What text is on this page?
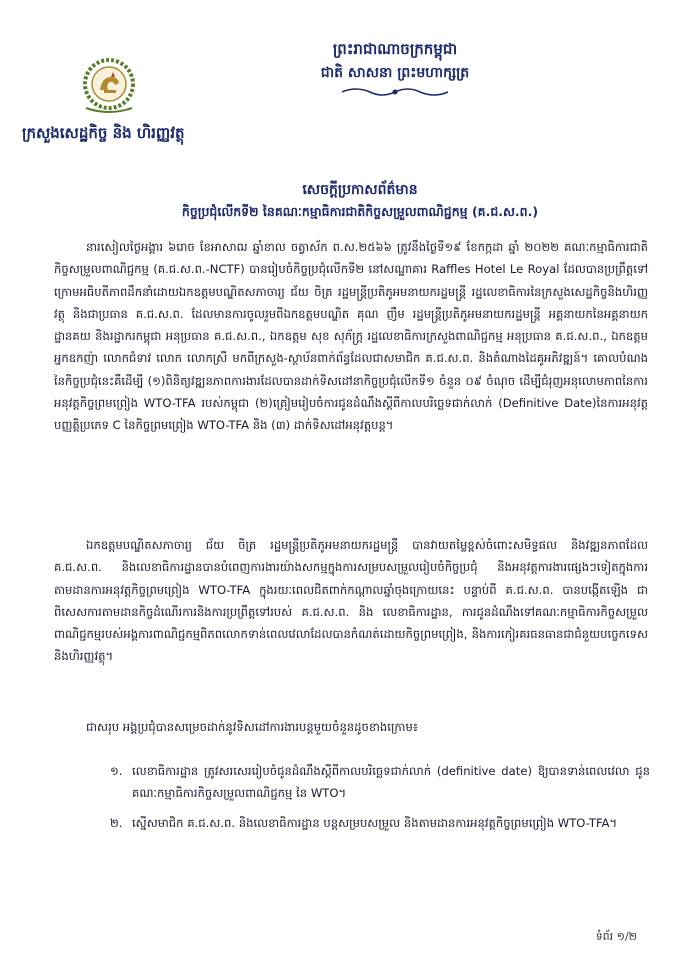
ក្រសួងសេដ្ឋកិច្ច និង ហិរញ្ញវត្ថុ
ព្រះរាជាណាចក្រកម្ពុជា
ជាតិ សាសនា ព្រះមហាក្សត្រ
សេចក្ដីប្រកាសព័ត៌មាន
កិច្ចប្រជុំលើកទី២ នៃគណៈកម្មាធិការជាតិកិច្ចសម្រួលពាណិជ្ជកម្ម (គ.ជ.ស.ព.)
នារសៀលថ្ងៃអង្គារ ៦រោច ខែអាសាឍ ឆ្នាំខាល ចត្វាស័ក ព.ស.២៥៦៦ ត្រូវនឹងថ្ងៃទី១៩ ខែកក្កដា ឆ្នាំ ២០២២ គណៈកម្មាធិការជាតិកិច្ចសម្រួលពាណិជ្ជកម្ម (គ.ជ.ស.ព.-NCTF) បានរៀបចំកិច្ចប្រជុំលើកទី២ នៅសណ្ឋាគារ Raffles Hotel Le Royal ដែលបានប្រព្រឹត្តទៅក្រោមអធិបតីភាពដឹកនាំដោយឯកឧត្តមបណ្ឌិតសភាចារ្យ ជ័យ ចិត្រ រដ្ឋមន្ត្រីប្រតិភូអមនាយករដ្ឋមន្ត្រី រដ្ឋលេខាធិការនៃក្រសួងសេដ្ឋកិច្ចនិងហិរញ្ញវត្ថុ និងជាប្រធាន គ.ជ.ស.ព. ដែលមានការចូលរួមពីឯកឧត្តមបណ្ឌិត គុណ ញឹម រដ្ឋមន្ត្រីប្រតិភូអមនាយករដ្ឋមន្ត្រី អគ្គនាយកនៃអគ្គនាយកដ្ឋានគយ និងរដ្ឋាករកម្ពុជា អនុប្រធាន គ.ជ.ស.ព., ឯកឧត្តម សុខ សុភ័ក្ត្រ រដ្ឋលេខាធិការក្រសួងពាណិជ្ជកម្ម អនុប្រធាន គ.ជ.ស.ព., ឯកឧត្តម អ្នកឧកញ៉ា លោកជំទាវ លោក លោកស្រី មកពីក្រសួង-ស្ថាប័នពាក់ព័ន្ធដែលជាសមាជិក គ.ជ.ស.ព. និងតំណាងដៃគូអភិវឌ្ឍន៍។ គោលបំណងនៃកិច្ចប្រជុំនេះគឺដើម្បី (១)ពិនិត្យវឌ្ឍនភាពការងារដែលបានដាក់ទិសដៅនាកិច្ចប្រជុំលើកទី១ ចំនួន ០៩ ចំណុច ដើម្បីជំរុញអនុលោមភាពនៃការអនុវត្តកិច្ចព្រមព្រៀង WTO-TFA របស់កម្ពុជា (២)ត្រៀមរៀបចំការជូនដំណឹងស្ដីពីកាលបរិច្ឆេទជាក់លាក់ (Definitive Date)នៃការអនុវត្តបញ្ញត្តិប្រភេទ C នៃកិច្ចព្រមព្រៀង WTO-TFA និង (៣) ដាក់ទិសដៅអនុវត្តបន្ត។
ឯកឧត្តមបណ្ឌិតសភាចារ្យ ជ័យ ចិត្រ រដ្ឋមន្ត្រីប្រតិភូអមនាយករដ្ឋមន្ត្រី បានវាយតម្លៃខ្ពស់ចំពោះសមិទ្ធផល និងវឌ្ឍនភាពដែល គ.ជ.ស.ព. និងលេខាធិការដ្ឋានបានបំពេញការងារយ៉ាងសកម្មក្នុងការសម្របសម្រួលរៀបចំកិច្ចប្រជុំ និងអនុវត្តការងារផ្សេងៗទៀតក្នុងការតាមដានការអនុវត្តកិច្ចព្រមព្រៀង WTO-TFA ក្នុងរយៈពេលជិតពាក់កណ្ដាលឆ្នាំចុងក្រោយនេះ បន្ទាប់ពី គ.ជ.ស.ព. បានបង្កើតឡើង ជាពិសេសការតាមដានកិច្ចដំណើរការនិងការប្រព្រឹត្តទៅរបស់ គ.ជ.ស.ព. និង លេខាធិការដ្ឋាន, ការជូនដំណឹងទៅគណៈកម្មាធិការកិច្ចសម្រួលពាណិជ្ជកម្មរបស់អង្គការពាណិជ្ជកម្មពិភពលោកទាន់ពេលវេលាដែលបានកំណត់ដោយកិច្ចព្រមព្រៀង, និងការកៀរគរធនធានជាជំនួយបច្ចេកទេស និងហិរញ្ញវត្ថុ។
ជាសរុប អង្គប្រជុំបានសម្រេចដាក់នូវទិសដៅការងារបន្តមួយចំនួនដូចខាងក្រោម៖
១. លេខាធិការដ្ឋាន ត្រូវសរសេររៀបចំជូនដំណឹងស្ដីពីកាលបរិច្ឆេទជាក់លាក់ (definitive date) ឱ្យបានទាន់ពេលវេលា ជូនគណៈកម្មាធិការកិច្ចសម្រួលពាណិជ្ជកម្ម នៃ WTO។
២. ស្នើសមាជិក គ.ជ.ស.ព. និងលេខាធិការដ្ឋាន បន្តសម្របសម្រួល និងតាមដានការអនុវត្តកិច្ចព្រមព្រៀង WTO-TFA។
ទំព័រ ១/២
